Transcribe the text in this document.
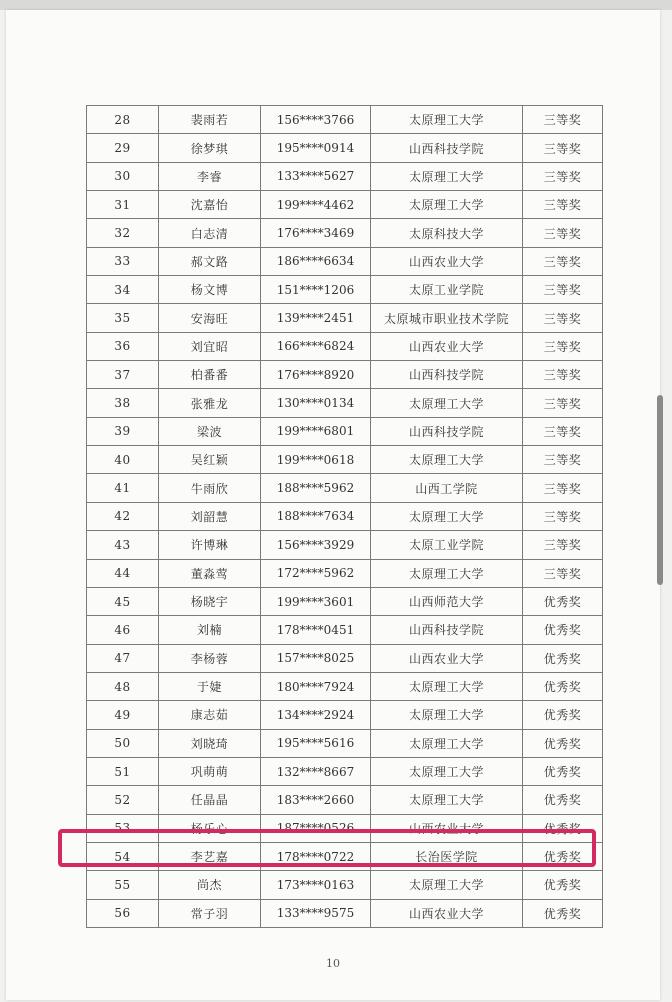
28	裴雨若	156****3766	太原理工大学	三等奖
29	徐梦琪	195****0914	山西科技学院	三等奖
30	李睿	133****5627	太原理工大学	三等奖
31	沈嘉怡	199****4462	太原理工大学	三等奖
32	白志清	176****3469	太原科技大学	三等奖
33	郝文路	186****6634	山西农业大学	三等奖
34	杨文博	151****1206	太原工业学院	三等奖
35	安海旺	139****2451	太原城市职业技术学院	三等奖
36	刘宜昭	166****6824	山西农业大学	三等奖
37	柏番番	176****8920	山西科技学院	三等奖
38	张雅龙	130****0134	太原理工大学	三等奖
39	梁波	199****6801	山西科技学院	三等奖
40	吴红颖	199****0618	太原理工大学	三等奖
41	牛雨欣	188****5962	山西工学院	三等奖
42	刘韶慧	188****7634	太原理工大学	三等奖
43	许博琳	156****3929	太原工业学院	三等奖
44	董淼莺	172****5962	太原理工大学	三等奖
45	杨晓宇	199****3601	山西师范大学	优秀奖
46	刘楠	178****0451	山西科技学院	优秀奖
47	李杨蓉	157****8025	山西农业大学	优秀奖
48	于婕	180****7924	太原理工大学	优秀奖
49	康志茹	134****2924	太原理工大学	优秀奖
50	刘晓琦	195****5616	太原理工大学	优秀奖
51	巩萌萌	132****8667	太原理工大学	优秀奖
52	任晶晶	183****2660	太原理工大学	优秀奖
53	杨乐心	187****0526	山西农业大学	优秀奖
54	李艺嘉	178****0722	长治医学院	优秀奖
55	尚杰	173****0163	太原理工大学	优秀奖
56	常子羽	133****9575	山西农业大学	优秀奖
10
